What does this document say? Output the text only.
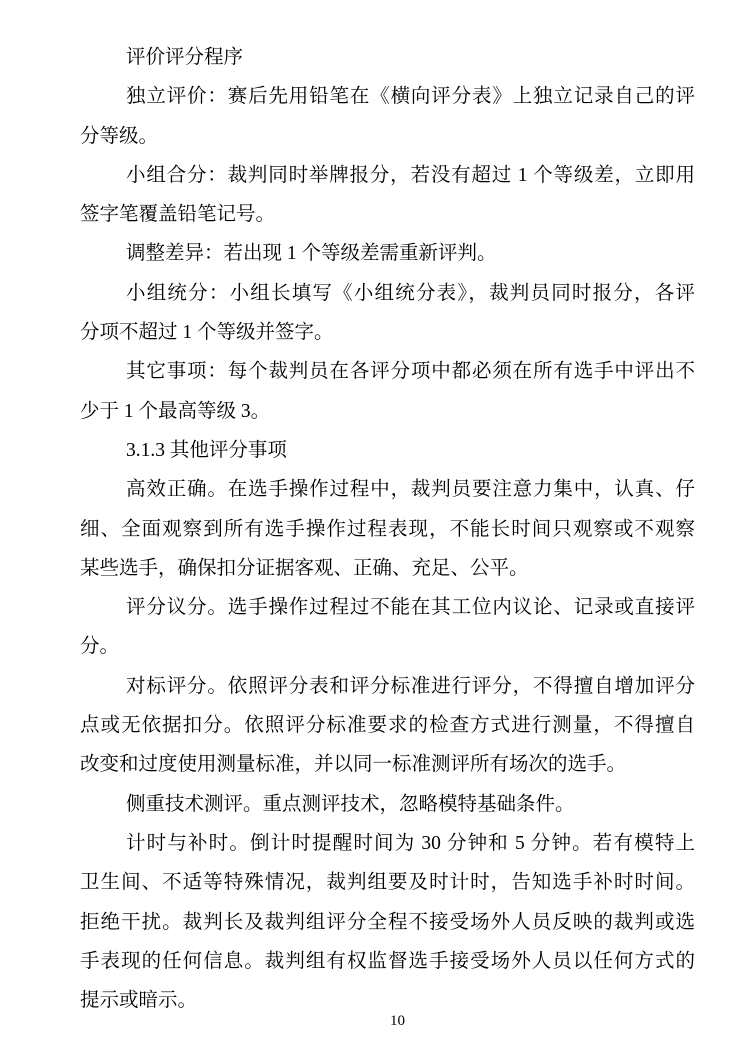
评价评分程序
独立评价：赛后先用铅笔在《横向评分表》上独立记录自己的评
分等级。
小组合分：裁判同时举牌报分，若没有超过 1 个等级差，立即用
签字笔覆盖铅笔记号。
调整差异：若出现 1 个等级差需重新评判。
小组统分：小组长填写《小组统分表》，裁判员同时报分，各评
分项不超过 1 个等级并签字。
其它事项：每个裁判员在各评分项中都必须在所有选手中评出不
少于 1 个最高等级 3。
3.1.3 其他评分事项
高效正确。在选手操作过程中，裁判员要注意力集中，认真、仔
细、全面观察到所有选手操作过程表现，不能长时间只观察或不观察
某些选手，确保扣分证据客观、正确、充足、公平。
评分议分。选手操作过程过不能在其工位内议论、记录或直接评
分。
对标评分。依照评分表和评分标准进行评分，不得擅自增加评分
点或无依据扣分。依照评分标准要求的检查方式进行测量，不得擅自
改变和过度使用测量标准，并以同一标准测评所有场次的选手。
侧重技术测评。重点测评技术，忽略模特基础条件。
计时与补时。倒计时提醒时间为 30 分钟和 5 分钟。若有模特上
卫生间、不适等特殊情况，裁判组要及时计时，告知选手补时时间。
拒绝干扰。裁判长及裁判组评分全程不接受场外人员反映的裁判或选
手表现的任何信息。裁判组有权监督选手接受场外人员以任何方式的
提示或暗示。
10
